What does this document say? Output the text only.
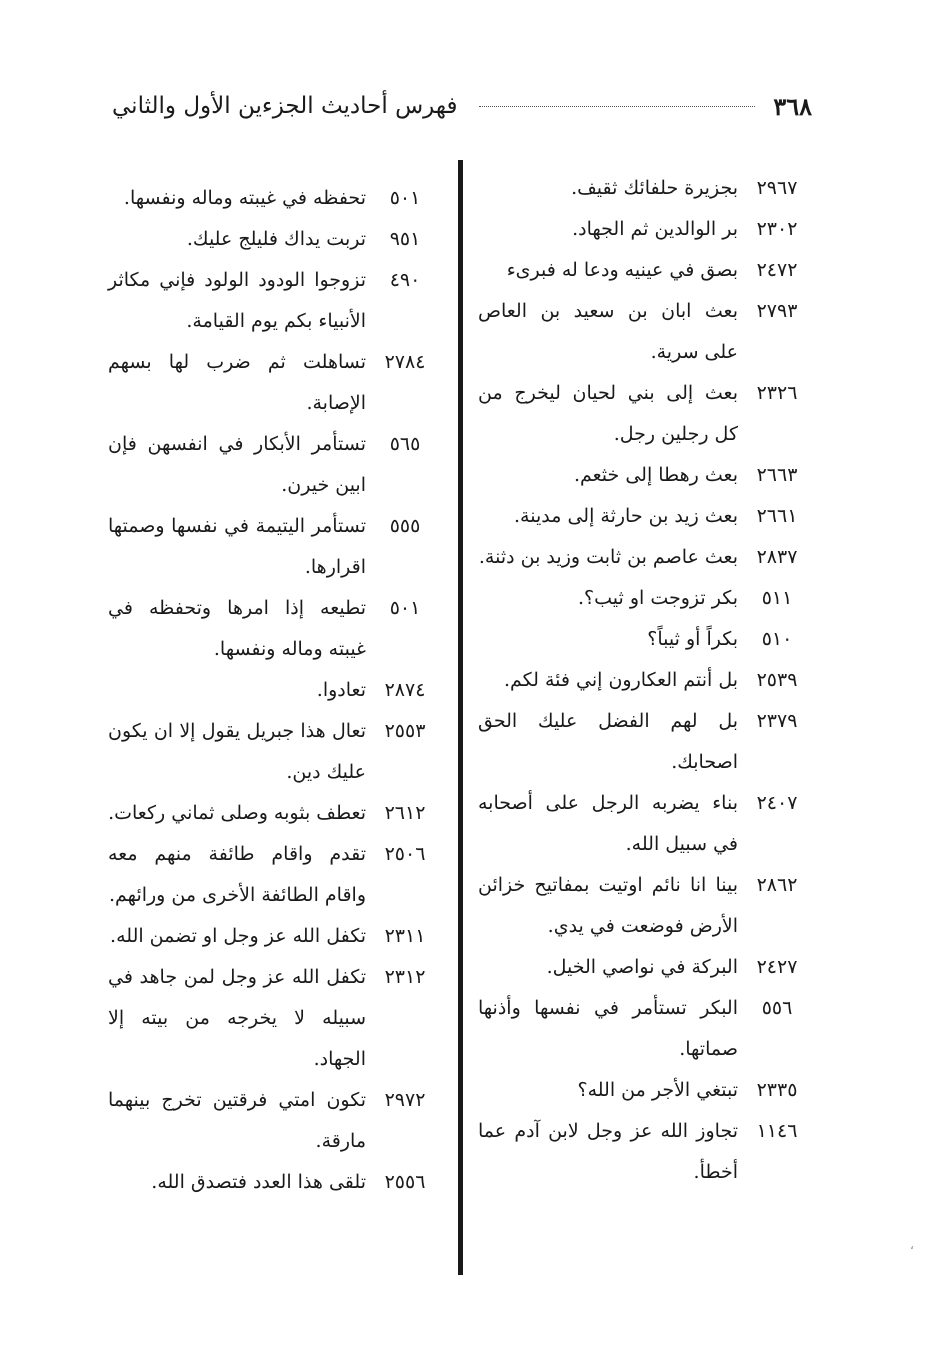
٣٦٨
فهرس أحاديث الجزءين الأول والثاني
٢٩٦٧
بجزيرة حلفائك ثقيف.
٢٣٠٢
بر الوالدين ثم الجهاد.
٢٤٧٢
بصق في عينيه ودعا له فبرىء
٢٧٩٣
بعث ابان بن سعيد بن العاص على سرية.
٢٣٢٦
بعث إلى بني لحيان ليخرج من كل رجلين رجل.
٢٦٦٣
بعث رهطا إلى خثعم.
٢٦٦١
بعث زيد بن حارثة إلى مدينة.
٢٨٣٧
بعث عاصم بن ثابت وزيد بن دثنة.
٥١١
بكر تزوجت او ثيب؟.
٥١٠
بكراً أو ثيباً؟
٢٥٣٩
بل أنتم العكارون إني فئة لكم.
٢٣٧٩
بل لهم الفضل عليك الحق اصحابك.
٢٤٠٧
بناء يضربه الرجل على أصحابه في سبيل الله.
٢٨٦٢
بينا انا نائم اوتيت بمفاتيح خزائن الأرض فوضعت في يدي.
٢٤٢٧
البركة في نواصي الخيل.
٥٥٦
البكر تستأمر في نفسها وأذنها صماتها.
٢٣٣٥
تبتغي الأجر من الله؟
١١٤٦
تجاوز الله عز وجل لابن آدم عما أخطأ.
٥٠١
تحفظه في غيبته وماله ونفسها.
٩٥١
تربت يداك فليلج عليك.
٤٩٠
تزوجوا الودود الولود فإني مكاثر الأنبياء بكم يوم القيامة.
٢٧٨٤
تساهلت ثم ضرب لها بسهم الإصابة.
٥٦٥
تستأمر الأبكار في انفسهن فإن ابين خيرن.
٥٥٥
تستأمر اليتيمة في نفسها وصمتها اقرارها.
٥٠١
تطيعه إذا امرها وتحفظه في غيبته وماله ونفسها.
٢٨٧٤
تعادوا.
٢٥٥٣
تعال هذا جبريل يقول إلا ان يكون عليك دين.
٢٦١٢
تعطف بثوبه وصلى ثماني ركعات.
٢٥٠٦
تقدم واقام طائفة منهم معه واقام الطائفة الأخرى من ورائهم.
٢٣١١
تكفل الله عز وجل او تضمن الله.
٢٣١٢
تكفل الله عز وجل لمن جاهد في سبيله لا يخرجه من بيته إلا الجهاد.
٢٩٧٢
تكون امتي فرقتين تخرج بينهما مارقة.
٢٥٥٦
تلقى هذا العدد فتصدق الله.
،
